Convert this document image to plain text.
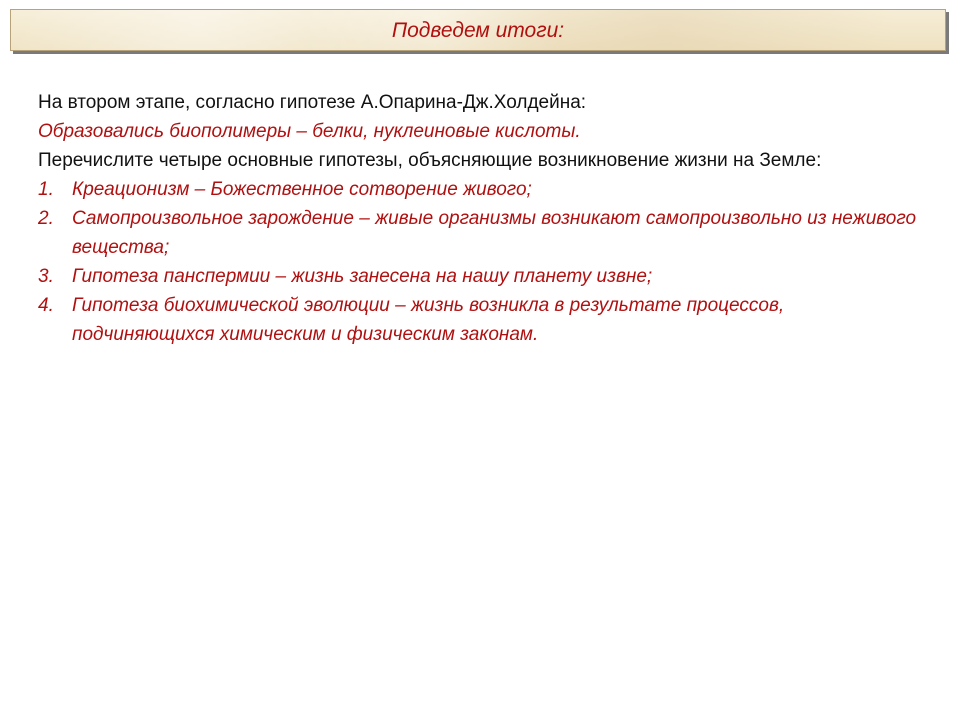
Подведем итоги:

На втором этапе, согласно гипотезе А.Опарина-Дж.Холдейна:

Образовались биополимеры – белки, нуклеиновые кислоты.

Перечислите четыре основные гипотезы, объясняющие возникновение жизни на Земле:

1. Креационизм – Божественное сотворение живого;
2. Самопроизвольное зарождение – живые организмы возникают самопроизвольно из неживого вещества;
3. Гипотеза панспермии – жизнь занесена на нашу планету извне;
4. Гипотеза биохимической эволюции – жизнь возникла в результате процессов, подчиняющихся химическим и физическим законам.
